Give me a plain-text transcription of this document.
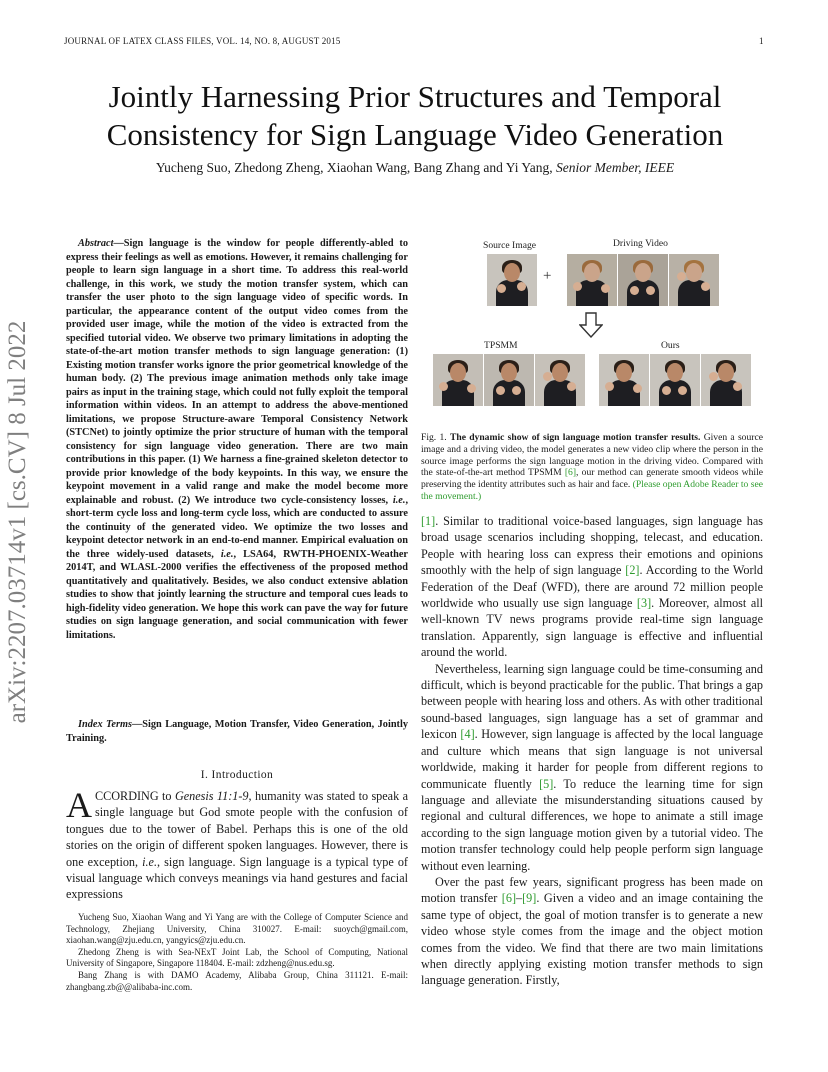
JOURNAL OF LATEX CLASS FILES, VOL. 14, NO. 8, AUGUST 2015	1
Jointly Harnessing Prior Structures and Temporal
Consistency for Sign Language Video Generation
Yucheng Suo, Zhedong Zheng, Xiaohan Wang, Bang Zhang and Yi Yang, Senior Member, IEEE
arXiv:2207.03714v1 [cs.CV] 8 Jul 2022
Abstract—Sign language is the window for people differently-abled to express their feelings as well as emotions. However, it remains challenging for people to learn sign language in a short time. To address this real-world challenge, in this work, we study the motion transfer system, which can transfer the user photo to the sign language video of specific words. In particular, the appearance content of the output video comes from the provided user image, while the motion of the video is extracted from the specified tutorial video. We observe two primary limitations in adopting the state-of-the-art motion transfer methods to sign language generation: (1) Existing motion transfer works ignore the prior geometrical knowledge of the human body. (2) The previous image animation methods only take image pairs as input in the training stage, which could not fully exploit the temporal information within videos. In an attempt to address the above-mentioned limitations, we propose Structure-aware Temporal Consistency Network (STCNet) to jointly optimize the prior structure of human with the temporal consistency for sign language video generation. There are two main contributions in this paper. (1) We harness a fine-grained skeleton detector to provide prior knowledge of the body keypoints. In this way, we ensure the keypoint movement in a valid range and make the model become more explainable and robust. (2) We introduce two cycle-consistency losses, i.e., short-term cycle loss and long-term cycle loss, which are conducted to assure the continuity of the generated video. We optimize the two losses and keypoint detector network in an end-to-end manner. Empirical evaluation on the three widely-used datasets, i.e., LSA64, RWTH-PHOENIX-Weather 2014T, and WLASL-2000 verifies the effectiveness of the proposed method quantitatively and qualitatively. Besides, we also conduct extensive ablation studies to show that jointly learning the structure and temporal cues leads to high-fidelity video generation. We hope this work can pave the way for future studies on sign language generation, and social communication with fewer limitations.
Index Terms—Sign Language, Motion Transfer, Video Generation, Jointly Training.
I. Introduction
ACCORDING to Genesis 11:1-9, humanity was stated to speak a single language but God smote people with the confusion of tongues due to the tower of Babel. Perhaps this is one of the old stories on the origin of different spoken languages. However, there is one exception, i.e., sign language. Sign language is a typical type of visual language which conveys meanings via hand gestures and facial expressions

Yucheng Suo, Xiaohan Wang and Yi Yang are with the College of Computer Science and Technology, Zhejiang University, China 310027. E-mail: suoych@gmail.com, xiaohan.wang@zju.edu.cn, yangyics@zju.edu.cn.

Zhedong Zheng is with Sea-NExT Joint Lab, the School of Computing, National University of Singapore, Singapore 118404. E-mail: zdzheng@nus.edu.sg.

Bang Zhang is with DAMO Academy, Alibaba Group, China 311121. E-mail: zhangbang.zb@@alibaba-inc.com.

Source Image	Driving Video
TPSMM	Ours
+
Fig. 1. The dynamic show of sign language motion transfer results. Given a source image and a driving video, the model generates a new video clip where the person in the source image performs the sign language motion in the driving video. Compared with the state-of-the-art method TPSMM [6], our method can generate smooth videos while preserving the identity attributes such as hair and face. (Please open Adobe Reader to see the movement.)

[1]. Similar to traditional voice-based languages, sign language has broad usage scenarios including shopping, telecast, and education. People with hearing loss can express their emotions and opinions smoothly with the help of sign language [2]. According to the World Federation of the Deaf (WFD), there are around 72 million people worldwide who usually use sign language [3]. Moreover, almost all well-known TV news programs provide real-time sign language translation. Apparently, sign language is effective and influential around the world.

Nevertheless, learning sign language could be time-consuming and difficult, which is beyond practicable for the public. That brings a gap between people with hearing loss and others. As with other traditional sound-based languages, sign language has a set of grammar and lexicon [4]. However, sign language is affected by the local language and culture which means that sign language is not universal worldwide, making it harder for people from different regions to communicate fluently [5]. To reduce the learning time for sign language and alleviate the misunderstanding situations caused by regional and cultural differences, we hope to animate a still image according to the sign language motion given by a tutorial video. The motion transfer technology could help people perform sign language without even learning.

Over the past few years, significant progress has been made on motion transfer [6]–[9]. Given a video and an image containing the same type of object, the goal of motion transfer is to generate a new video whose style comes from the image and the object motion comes from the video. We find that there are two main limitations when directly applying existing motion transfer methods to sign language generation. Firstly,
